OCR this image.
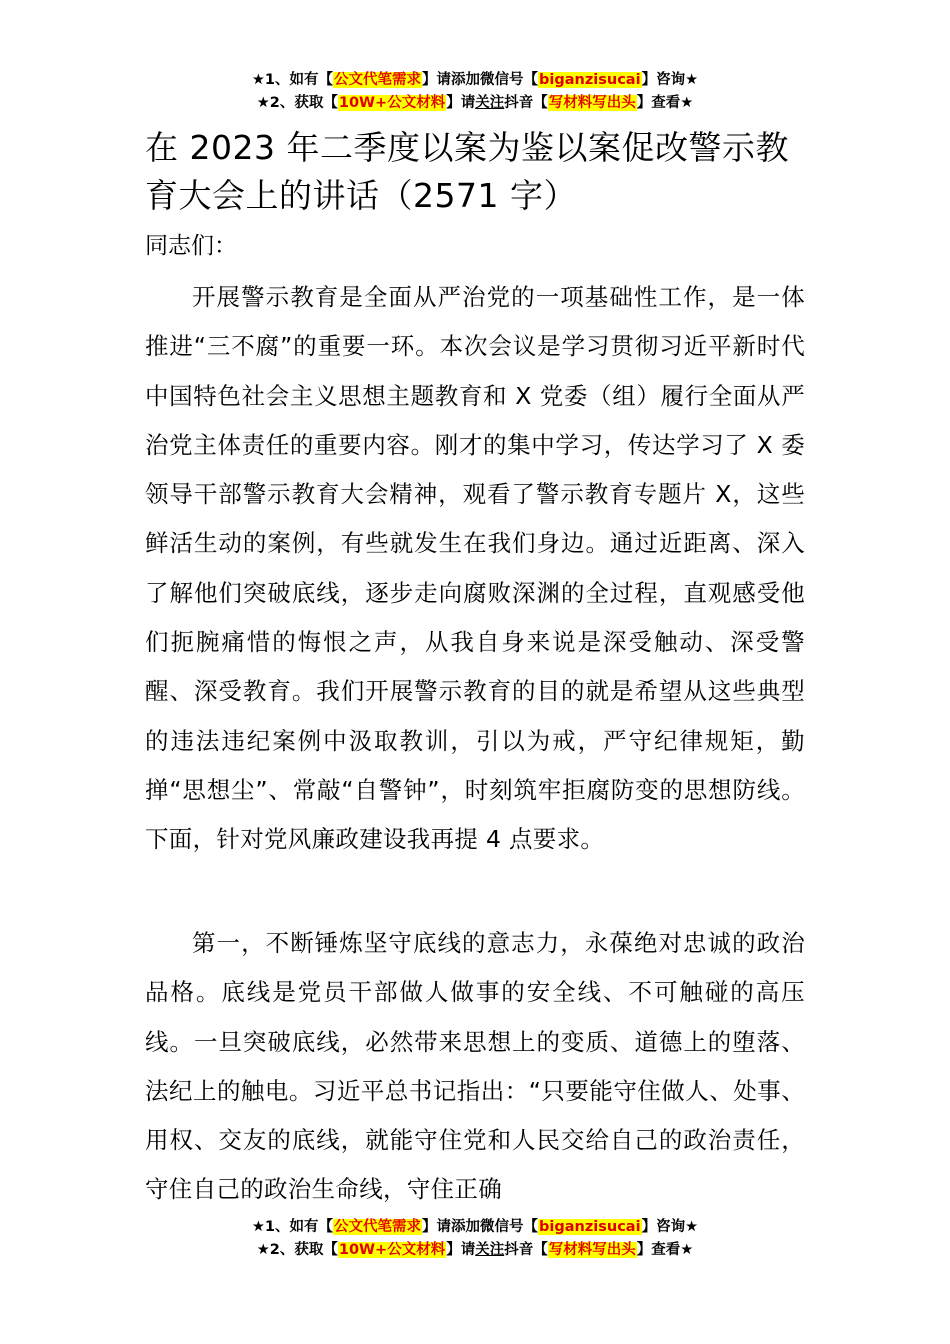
★1、如有【公文代笔需求】请添加微信号【biganzisucai】咨询★
★2、获取【10W+公文材料】请关注抖音【写材料写出头】查看★
在 2023 年二季度以案为鉴以案促改警示教育大会上的讲话（2571 字）
同志们：
开展警示教育是全面从严治党的一项基础性工作，是一体推进“三不腐”的重要一环。本次会议是学习贯彻习近平新时代中国特色社会主义思想主题教育和 X 党委（组）履行全面从严治党主体责任的重要内容。刚才的集中学习，传达学习了 X 委领导干部警示教育大会精神，观看了警示教育专题片 X，这些鲜活生动的案例，有些就发生在我们身边。通过近距离、深入了解他们突破底线，逐步走向腐败深渊的全过程，直观感受他们扼腕痛惜的悔恨之声，从我自身来说是深受触动、深受警醒、深受教育。我们开展警示教育的目的就是希望从这些典型的违法违纪案例中汲取教训，引以为戒，严守纪律规矩，勤掸“思想尘”、常敲“自警钟”，时刻筑牢拒腐防变的思想防线。下面，针对党风廉政建设我再提 4 点要求。
第一，不断锤炼坚守底线的意志力，永葆绝对忠诚的政治品格。底线是党员干部做人做事的安全线、不可触碰的高压线。一旦突破底线，必然带来思想上的变质、道德上的堕落、法纪上的触电。习近平总书记指出：“只要能守住做人、处事、用权、交友的底线，就能守住党和人民交给自己的政治责任，守住自己的政治生命线，守住正确
★1、如有【公文代笔需求】请添加微信号【biganzisucai】咨询★
★2、获取【10W+公文材料】请关注抖音【写材料写出头】查看★
